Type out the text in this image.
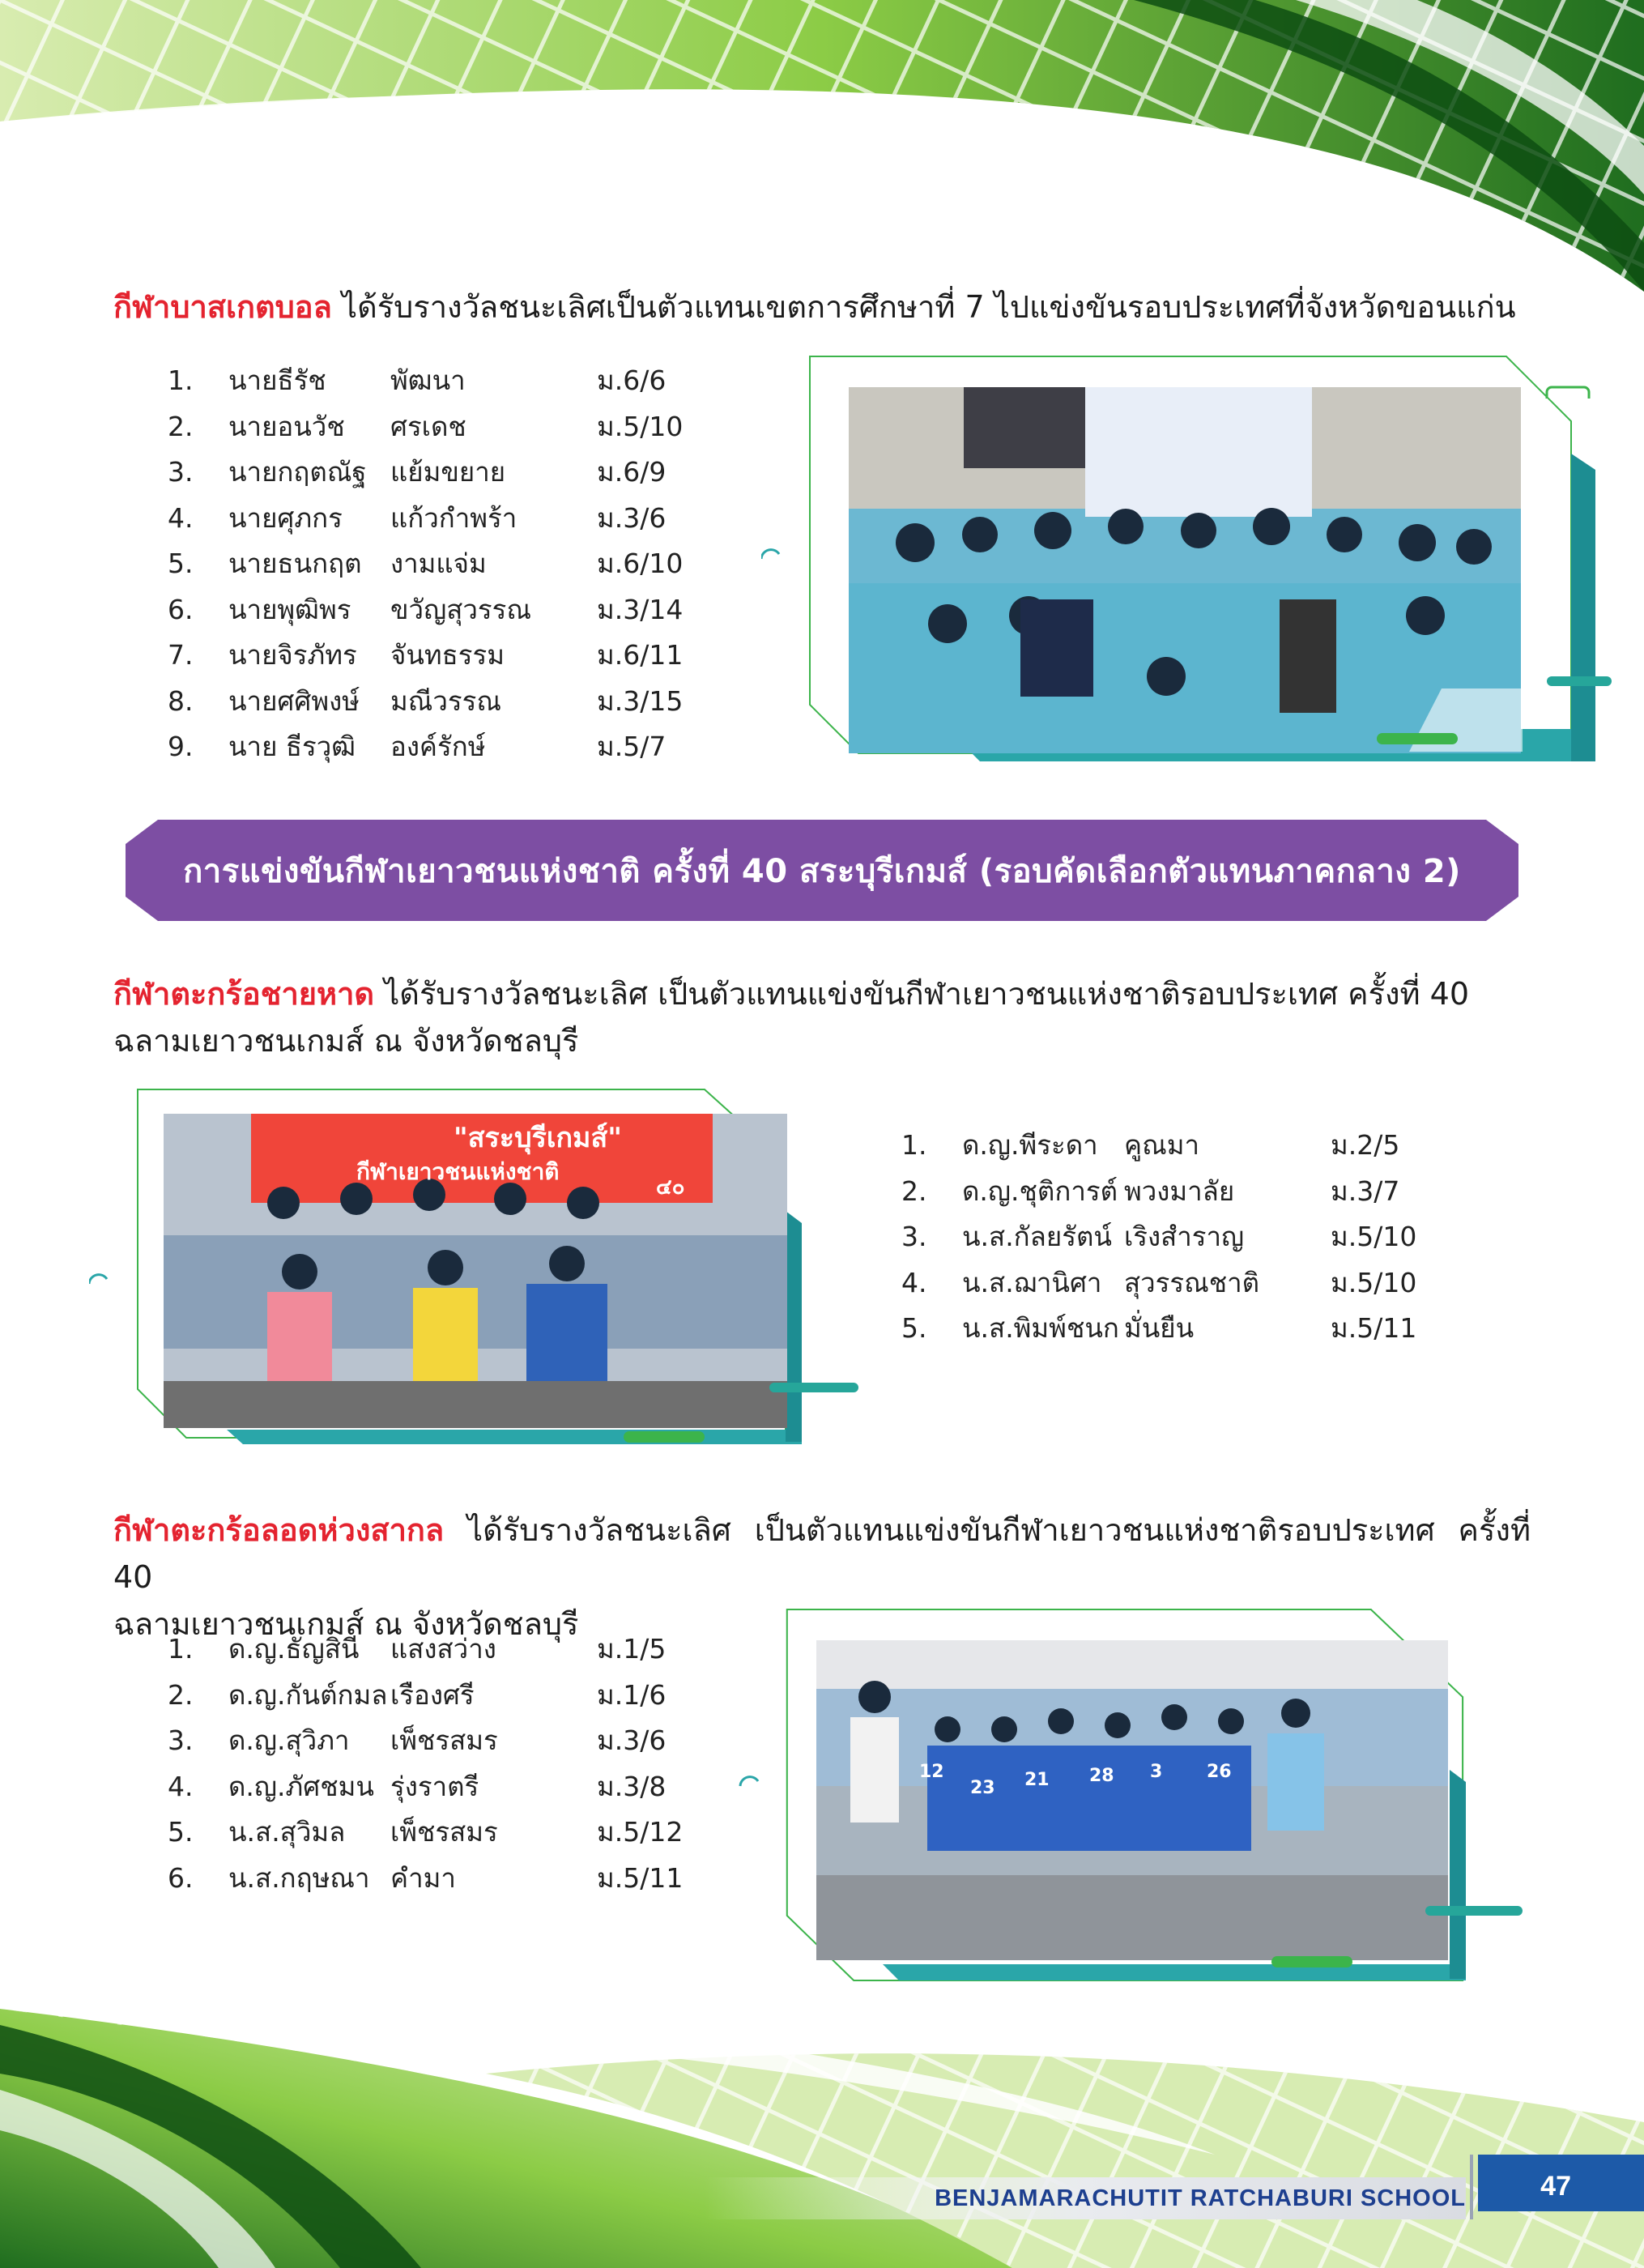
กีฬาบาสเกตบอล ได้รับรางวัลชนะเลิศเป็นตัวแทนเขตการศึกษาที่ 7 ไปแข่งขันรอบประเทศที่จังหวัดขอนแก่น
1. นายธีรัช พัฒนา	ม.6/6
2. นายอนวัช ศรเดช	ม.5/10
3. นายกฤตณัฐ แย้มขยาย	ม.6/9
4. นายศุภกร แก้วกำพร้า	ม.3/6
5. นายธนกฤต งามแจ่ม	ม.6/10
6. นายพุฒิพร ขวัญสุวรรณ ม.3/14
7. นายจิรภัทร จันทธรรม	ม.6/11
8. นายศศิพงษ์ มณีวรรณ	ม.3/15
9. นาย ธีรวุฒิ องค์รักษ์	ม.5/7
การแข่งขันกีฬาเยาวชนแห่งชาติ ครั้งที่ 40 สระบุรีเกมส์ (รอบคัดเลือกตัวแทนภาคกลาง 2)
กีฬาตะกร้อชายหาด ได้รับรางวัลชนะเลิศ เป็นตัวแทนแข่งขันกีฬาเยาวชนแห่งชาติรอบประเทศ ครั้งที่ 40
ฉลามเยาวชนเกมส์ ณ จังหวัดชลบุรี
"สระบุรีเกมส์"
กีฬาเยาวชนแห่งชาติ
๔๐
1. ด.ญ.พีระดา คูณมา	ม.2/5
2. ด.ญ.ชุติการต์ พวงมาลัย	ม.3/7
3. น.ส.กัลยรัตน์ เริงสำราญ	ม.5/10
4. น.ส.ฌานิศา สุวรรณชาติ	ม.5/10
5. น.ส.พิมพ์ชนก มั่นยืน	ม.5/11
กีฬาตะกร้อลอดห่วงสากล ได้รับรางวัลชนะเลิศ เป็นตัวแทนแข่งขันกีฬาเยาวชนแห่งชาติรอบประเทศ ครั้งที่ 40
ฉลามเยาวชนเกมส์ ณ จังหวัดชลบุรี
1. ด.ญ.ธัญสินี แสงสว่าง	ม.1/5
2. ด.ญ.กันต์กมล เรืองศรี	ม.1/6
3. ด.ญ.สุวิภา เพ็ชรสมร	ม.3/6
4. ด.ญ.ภัศชมน รุ่งราตรี	ม.3/8
5. น.ส.สุวิมล เพ็ชรสมร	ม.5/12
6. น.ส.กฤษณา คำมา	ม.5/11
12
23 21 28 3 26
BENJAMARACHUTIT RATCHABURI SCHOOL	47
